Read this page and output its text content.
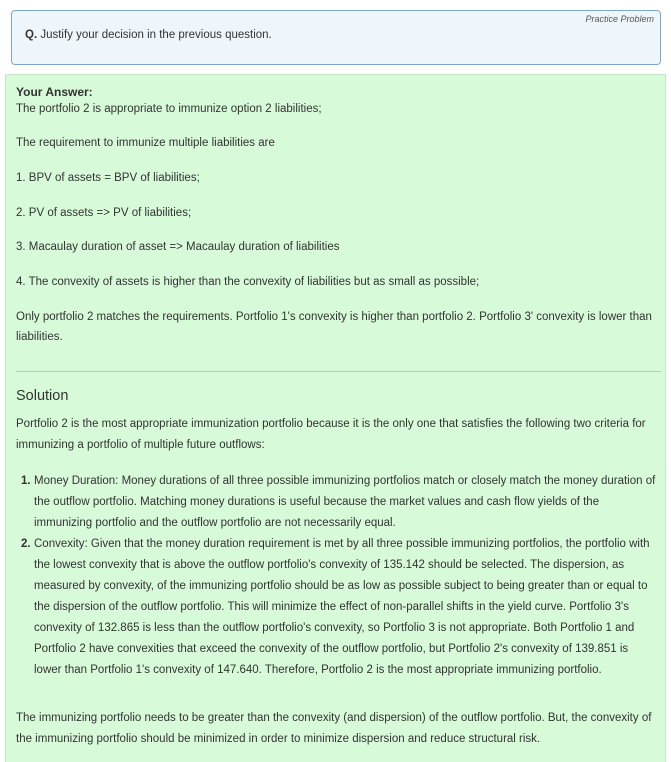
Practice Problem
Q. Justify your decision in the previous question.
Your Answer:
The portfolio 2 is appropriate to immunize option 2 liabilities;
The requirement to immunize multiple liabilities are
1. BPV of assets = BPV of liabilities;
2. PV of assets => PV of liabilities;
3. Macaulay duration of asset => Macaulay duration of liabilities
4. The convexity of assets is higher than the convexity of liabilities but as small as possible;
Only portfolio 2 matches the requirements. Portfolio 1's convexity is higher than portfolio 2. Portfolio 3' convexity is lower than liabilities.
Solution
Portfolio 2 is the most appropriate immunization portfolio because it is the only one that satisfies the following two criteria for immunizing a portfolio of multiple future outflows:
1. Money Duration: Money durations of all three possible immunizing portfolios match or closely match the money duration of the outflow portfolio. Matching money durations is useful because the market values and cash flow yields of the immunizing portfolio and the outflow portfolio are not necessarily equal.
2. Convexity: Given that the money duration requirement is met by all three possible immunizing portfolios, the portfolio with the lowest convexity that is above the outflow portfolio's convexity of 135.142 should be selected. The dispersion, as measured by convexity, of the immunizing portfolio should be as low as possible subject to being greater than or equal to the dispersion of the outflow portfolio. This will minimize the effect of non-parallel shifts in the yield curve. Portfolio 3's convexity of 132.865 is less than the outflow portfolio's convexity, so Portfolio 3 is not appropriate. Both Portfolio 1 and Portfolio 2 have convexities that exceed the convexity of the outflow portfolio, but Portfolio 2's convexity of 139.851 is lower than Portfolio 1's convexity of 147.640. Therefore, Portfolio 2 is the most appropriate immunizing portfolio.
The immunizing portfolio needs to be greater than the convexity (and dispersion) of the outflow portfolio. But, the convexity of the immunizing portfolio should be minimized in order to minimize dispersion and reduce structural risk.
